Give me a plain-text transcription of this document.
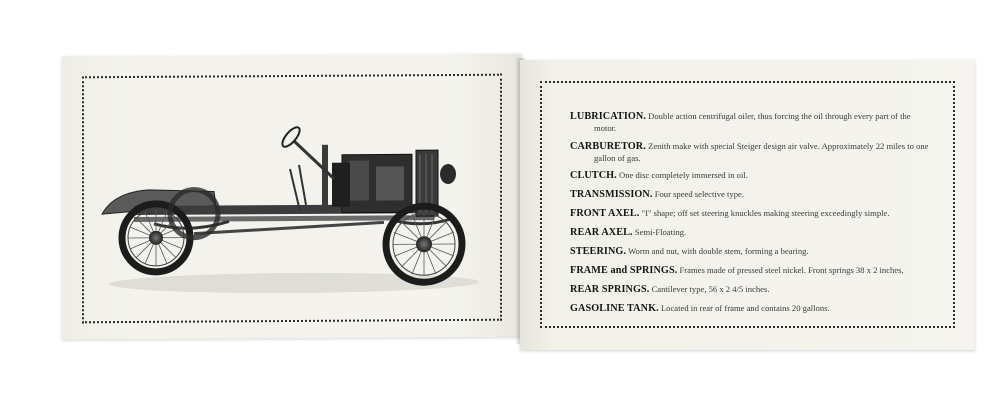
LUBRICATION. Double action centrifugal oiler, thus forcing the oil through every part of the motor.

CARBURETOR. Zenith make with special Steiger design air valve. Approximately 22 miles to one gallon of gas.

CLUTCH. One disc completely immersed in oil.

TRANSMISSION. Four speed selective type.

FRONT AXEL. "I" shape; off set steering knuckles making steering exceedingly simple.

REAR AXEL. Semi-Floating.

STEERING. Worm and nut, with double stem, forming a bearing.

FRAME and SPRINGS. Frames made of pressed steel nickel. Front springs 38 x 2 inches.

REAR SPRINGS. Cantilever type, 56 x 2 4/5 inches.

GASOLINE TANK. Located in rear of frame and contains 20 gallons.
